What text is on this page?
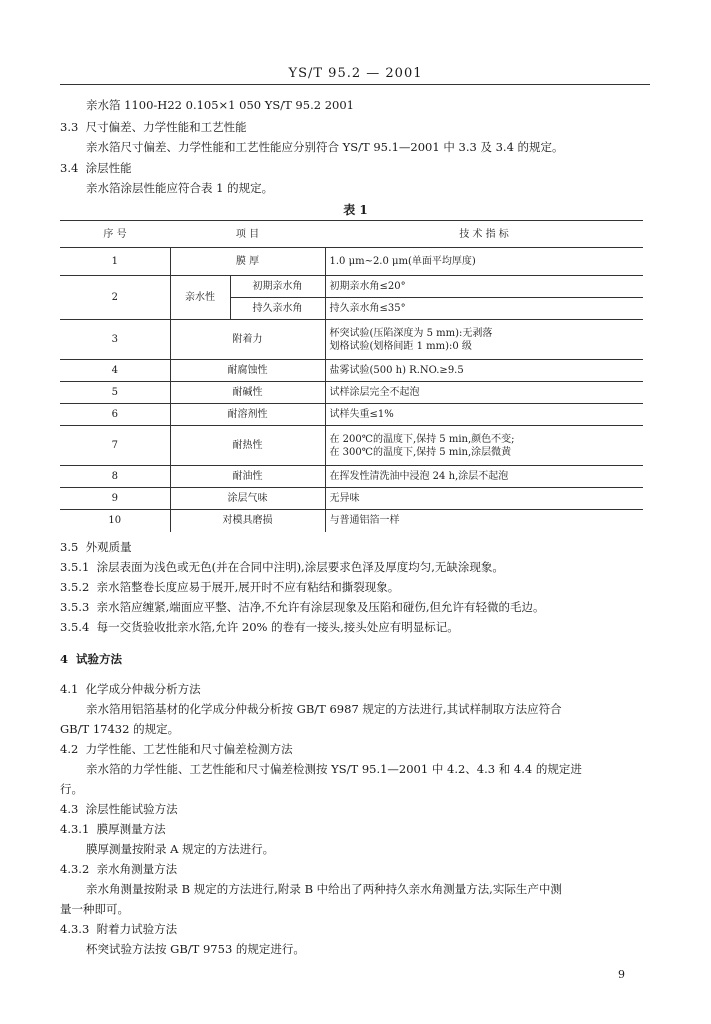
YS/T 95.2 — 2001
亲水箔 1100-H22 0.105×1 050 YS/T 95.2 2001
3.3 尺寸偏差、力学性能和工艺性能
亲水箔尺寸偏差、力学性能和工艺性能应分别符合 YS/T 95.1—2001 中 3.3 及 3.4 的规定。
3.4 涂层性能
亲水箔涂层性能应符合表 1 的规定。
表 1
序 号	项 目		技 术 指 标
1	膜 厚		1.0 μm~2.0 μm(单面平均厚度)
2	亲水性	初期亲水角	初期亲水角≤20°
		持久亲水角	持久亲水角≤35°
3	附着力		杯突试验(压陷深度为 5 mm):无剥落
划格试验(划格间距 1 mm):0 级

4	耐腐蚀性		盐雾试验(500 h) R.NO.≥9.5
5	耐碱性		试样涂层完全不起泡
6	耐溶剂性		试样失重≤1%
7	耐热性		在 200℃的温度下,保持 5 min,颜色不变;
在 300℃的温度下,保持 5 min,涂层微黄

8	耐油性		在挥发性清洗油中浸泡 24 h,涂层不起泡
9	涂层气味		无异味
10	对模具磨损		与普通铝箔一样
3.5 外观质量
3.5.1 涂层表面为浅色或无色(并在合同中注明),涂层要求色泽及厚度均匀,无缺涂现象。
3.5.2 亲水箔整卷长度应易于展开,展开时不应有粘结和撕裂现象。
3.5.3 亲水箔应缠紧,端面应平整、洁净,不允许有涂层现象及压陷和碰伤,但允许有轻微的毛边。
3.5.4 每一交货验收批亲水箔,允许 20% 的卷有一接头,接头处应有明显标记。
4 试验方法
4.1 化学成分仲裁分析方法
亲水箔用铝箔基材的化学成分仲裁分析按 GB/T 6987 规定的方法进行,其试样制取方法应符合
GB/T 17432 的规定。
4.2 力学性能、工艺性能和尺寸偏差检测方法
亲水箔的力学性能、工艺性能和尺寸偏差检测按 YS/T 95.1—2001 中 4.2、4.3 和 4.4 的规定进
行。
4.3 涂层性能试验方法
4.3.1 膜厚测量方法
膜厚测量按附录 A 规定的方法进行。
4.3.2 亲水角测量方法
亲水角测量按附录 B 规定的方法进行,附录 B 中给出了两种持久亲水角测量方法,实际生产中测
量一种即可。
4.3.3 附着力试验方法
杯突试验方法按 GB/T 9753 的规定进行。
9
